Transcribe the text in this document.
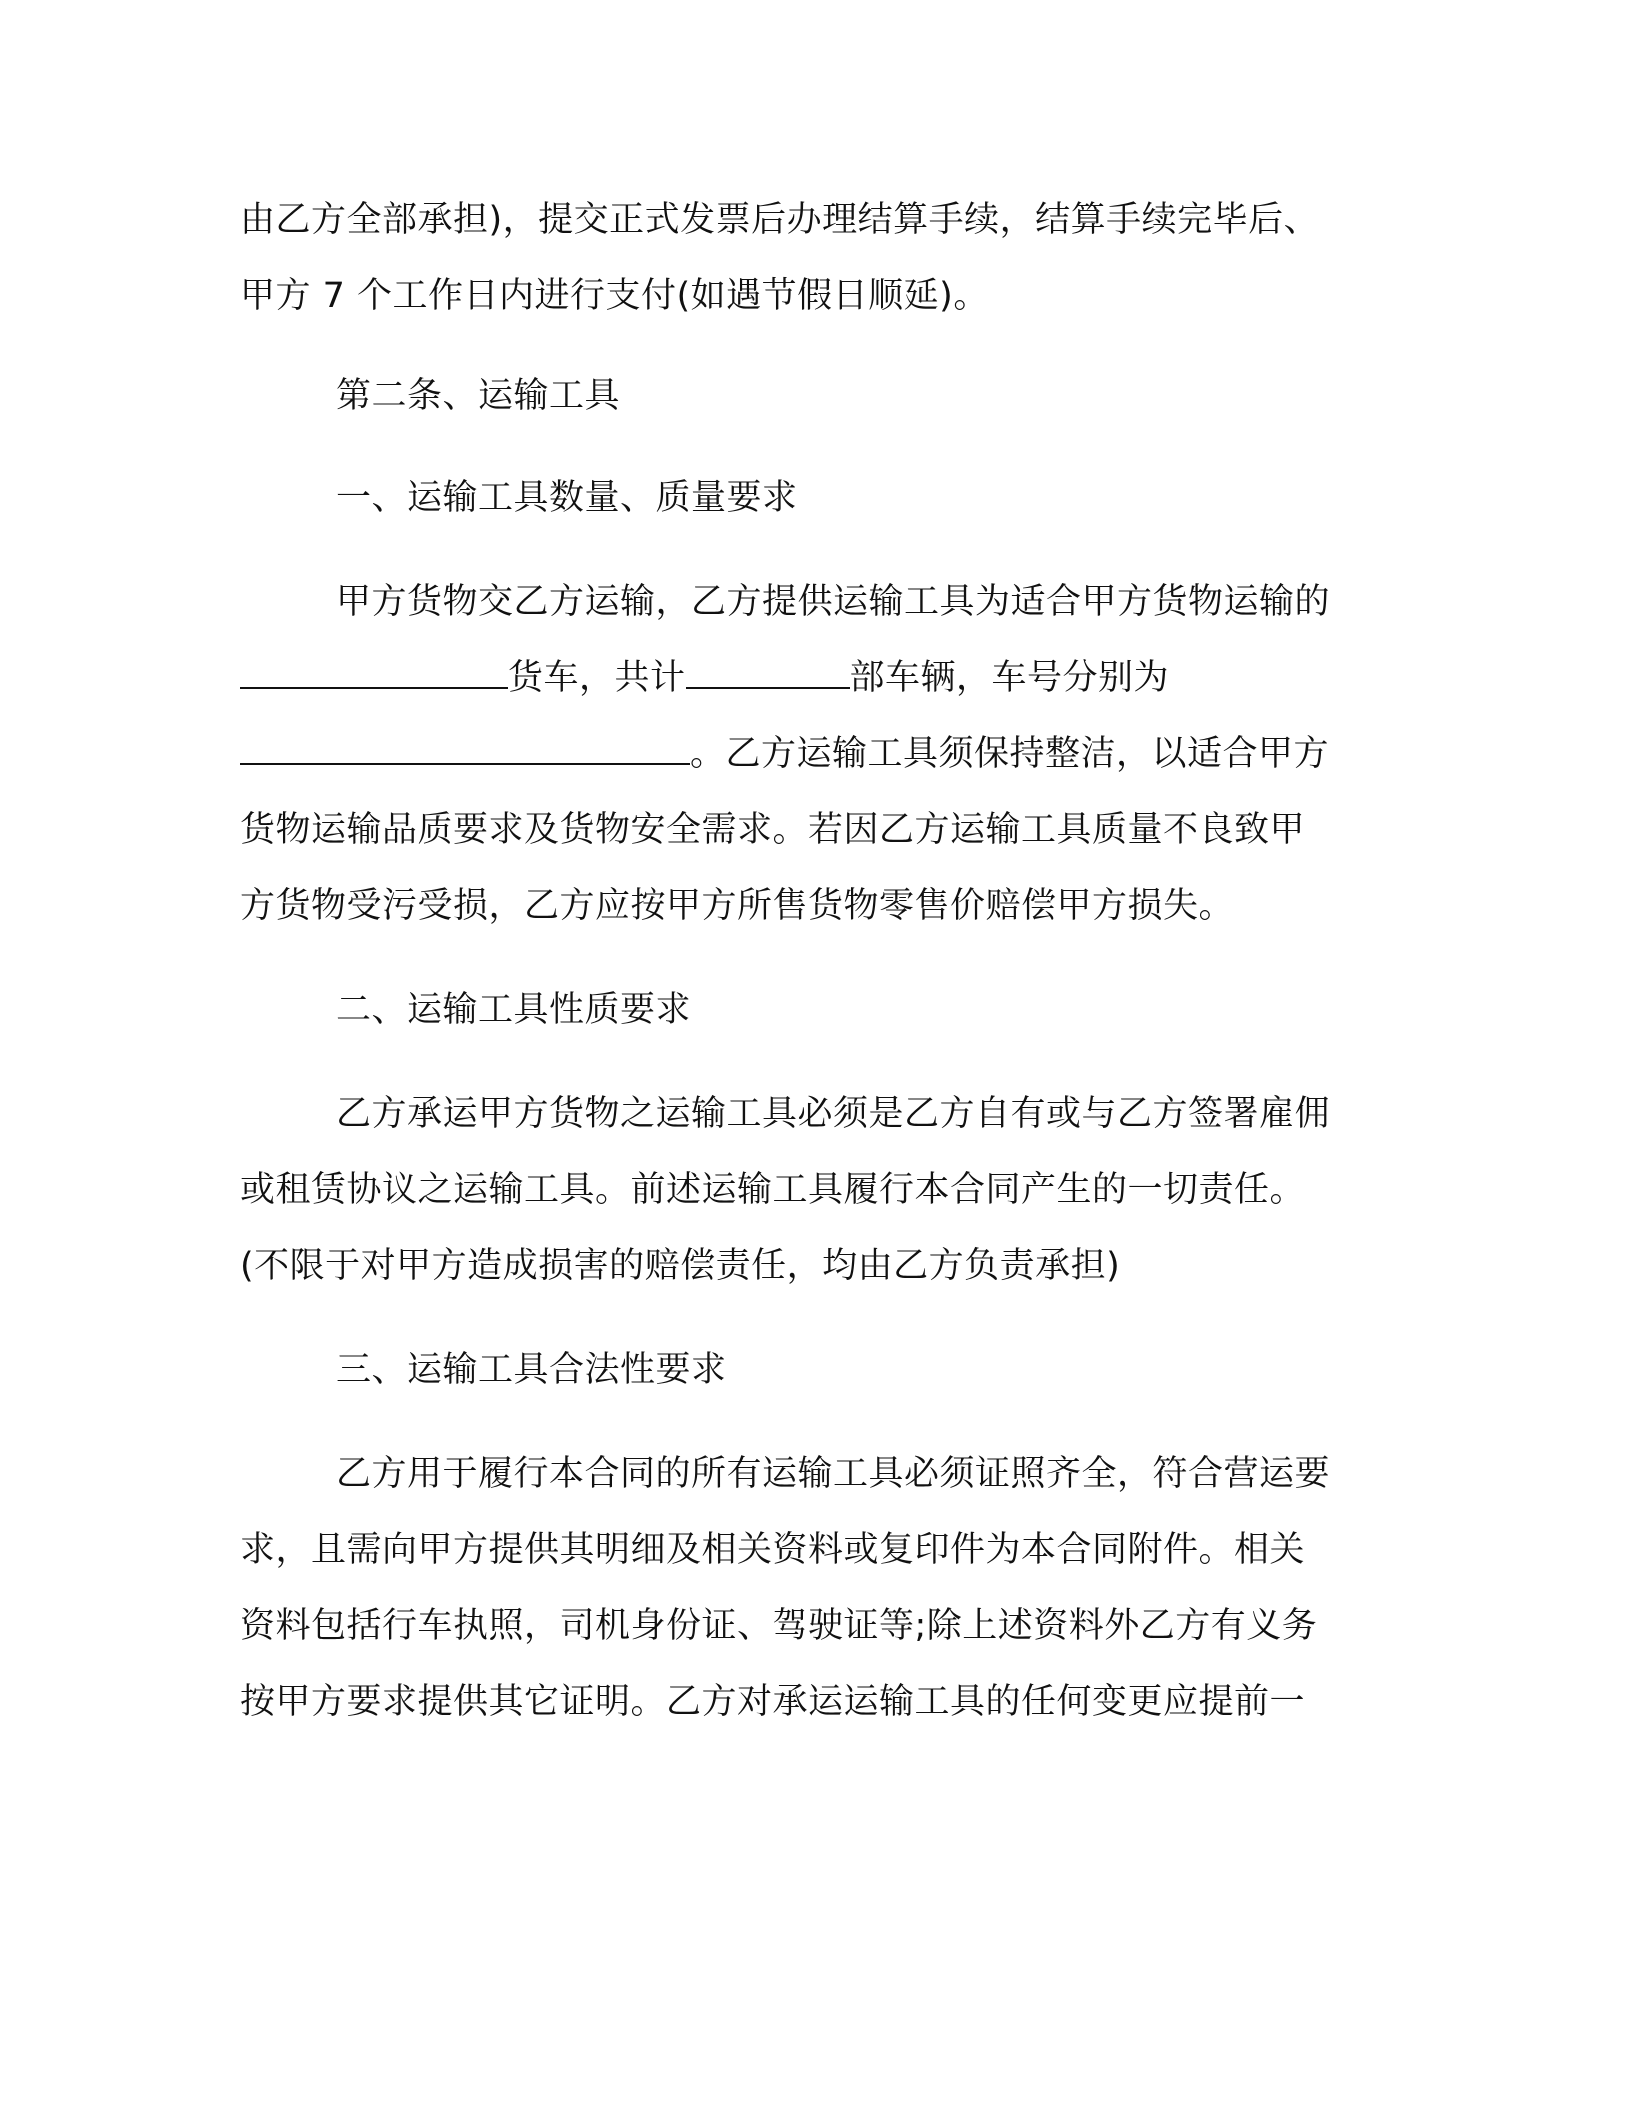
由乙方全部承担)，提交正式发票后办理结算手续，结算手续完毕后、
甲方 7 个工作日内进行支付(如遇节假日顺延)。
第二条、运输工具
一、运输工具数量、质量要求
甲方货物交乙方运输，乙方提供运输工具为适合甲方货物运输的
货车，共计	部车辆，车号分别为
。乙方运输工具须保持整洁，以适合甲方
货物运输品质要求及货物安全需求。若因乙方运输工具质量不良致甲
方货物受污受损，乙方应按甲方所售货物零售价赔偿甲方损失。
二、运输工具性质要求
乙方承运甲方货物之运输工具必须是乙方自有或与乙方签署雇佣
或租赁协议之运输工具。前述运输工具履行本合同产生的一切责任。
(不限于对甲方造成损害的赔偿责任，均由乙方负责承担)
三、运输工具合法性要求
乙方用于履行本合同的所有运输工具必须证照齐全，符合营运要
求，且需向甲方提供其明细及相关资料或复印件为本合同附件。相关
资料包括行车执照，司机身份证、驾驶证等;除上述资料外乙方有义务
按甲方要求提供其它证明。乙方对承运运输工具的任何变更应提前一
